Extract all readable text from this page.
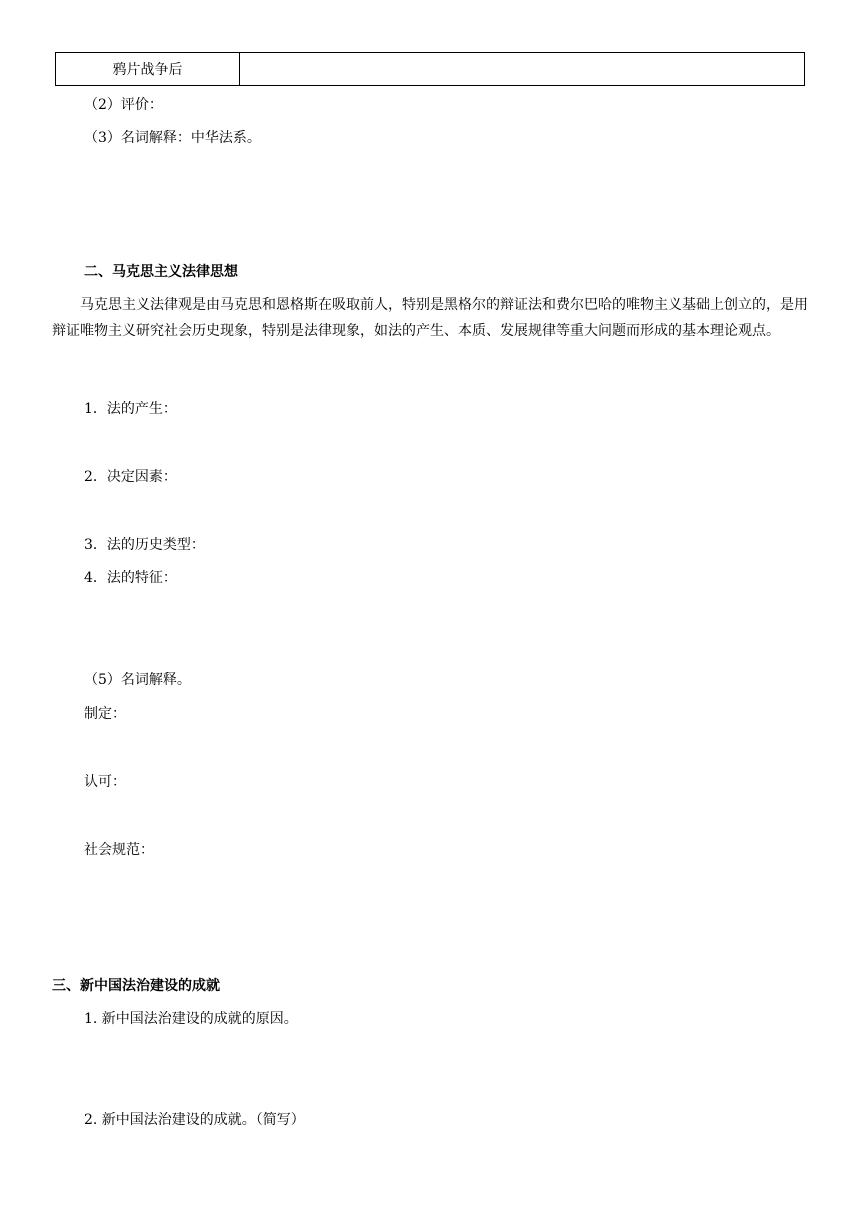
鸦片战争后
（2）评价：
（3）名词解释：中华法系。
二、马克思主义法律思想
马克思主义法律观是由马克思和恩格斯在吸取前人，特别是黑格尔的辩证法和费尔巴哈的唯物主义基础上创立的，是用辩证唯物主义研究社会历史现象，特别是法律现象，如法的产生、本质、发展规律等重大问题而形成的基本理论观点。
1．法的产生：
2．决定因素：
3．法的历史类型：
4．法的特征：
（5）名词解释。
制定：
认可：
社会规范：
三、新中国法治建设的成就
1. 新中国法治建设的成就的原因。
2. 新中国法治建设的成就。（简写）
